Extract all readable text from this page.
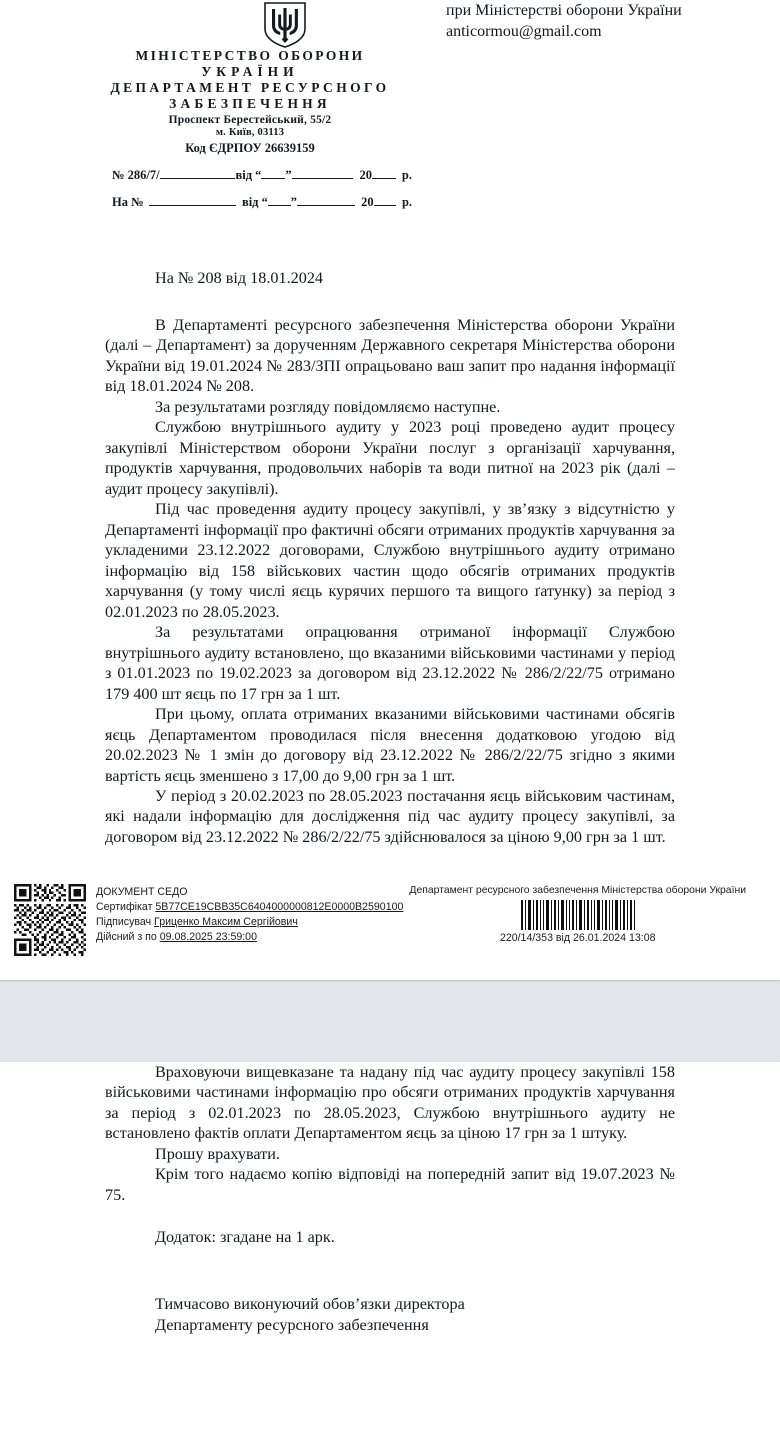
при Міністерстві оборони України
anticormou@gmail.com
МІНІСТЕРСТВО ОБОРОНИ
УКРАЇНИ
ДЕПАРТАМЕНТ РЕСУРСНОГО
ЗАБЕЗПЕЧЕННЯ
Проспект Берестейський, 55/2
м. Київ, 03113
Код ЄДРПОУ 26639159
№ 286/7/	від “ ”	20 р.
На №	від “ ”	20 р.
На № 208 від 18.01.2024

В Департаменті ресурсного забезпечення Міністерства оборони України (далі – Департамент) за дорученням Державного секретаря Міністерства оборони України від 19.01.2024 № 283/ЗПІ опрацьовано ваш запит про надання інформації від 18.01.2024 № 208.

За результатами розгляду повідомляємо наступне.

Службою внутрішнього аудиту у 2023 році проведено аудит процесу закупівлі Міністерством оборони України послуг з організації харчування, продуктів харчування, продовольчих наборів та води питної на 2023 рік (далі – аудит процесу закупівлі).

Під час проведення аудиту процесу закупівлі, у зв’язку з відсутністю у Департаменті інформації про фактичні обсяги отриманих продуктів харчування за укладеними 23.12.2022 договорами, Службою внутрішнього аудиту отримано інформацію від 158 військових частин щодо обсягів отриманих продуктів харчування (у тому числі яєць курячих першого та вищого ґатунку) за період з 02.01.2023 по 28.05.2023.

За результатами опрацювання отриманої інформації Службою внутрішнього аудиту встановлено, що вказаними військовими частинами у період з 01.01.2023 по 19.02.2023 за договором від 23.12.2022 № 286/2/22/75 отримано 179 400 шт яєць по 17 грн за 1 шт.

При цьому, оплата отриманих вказаними військовими частинами обсягів яєць Департаментом проводилася після внесення додатковою угодою від 20.02.2023 № 1 змін до договору від 23.12.2022 № 286/2/22/75 згідно з якими вартість яєць зменшено з 17,00 до 9,00 грн за 1 шт.

У період з 20.02.2023 по 28.05.2023 постачання яєць військовим частинам, які надали інформацію для дослідження під час аудиту процесу закупівлі, за договором від 23.12.2022 № 286/2/22/75 здійснювалося за ціною 9,00 грн за 1 шт.

ДОКУМЕНТ СЕДО
Сертифікат 5B77CE19CBB35C6404000000812E0000B2590100
Підписувач Гриценко Максим Сергійович
Дійсний з по 09.08.2025 23:59:00
Департамент ресурсного забезпечення Міністерства оборони України
220/14/353 від 26.01.2024 13:08

Враховуючи вищевказане та надану під час аудиту процесу закупівлі 158 військовими частинами інформацію про обсяги отриманих продуктів харчування за період з 02.01.2023 по 28.05.2023, Службою внутрішнього аудиту не встановлено фактів оплати Департаментом яєць за ціною 17 грн за 1 штуку.

Прошу врахувати.

Крім того надаємо копію відповіді на попередній запит від 19.07.2023 № 75.

Додаток: згадане на 1 арк.

Тимчасово виконуючий обов’язки директора
Департаменту ресурсного забезпечення
